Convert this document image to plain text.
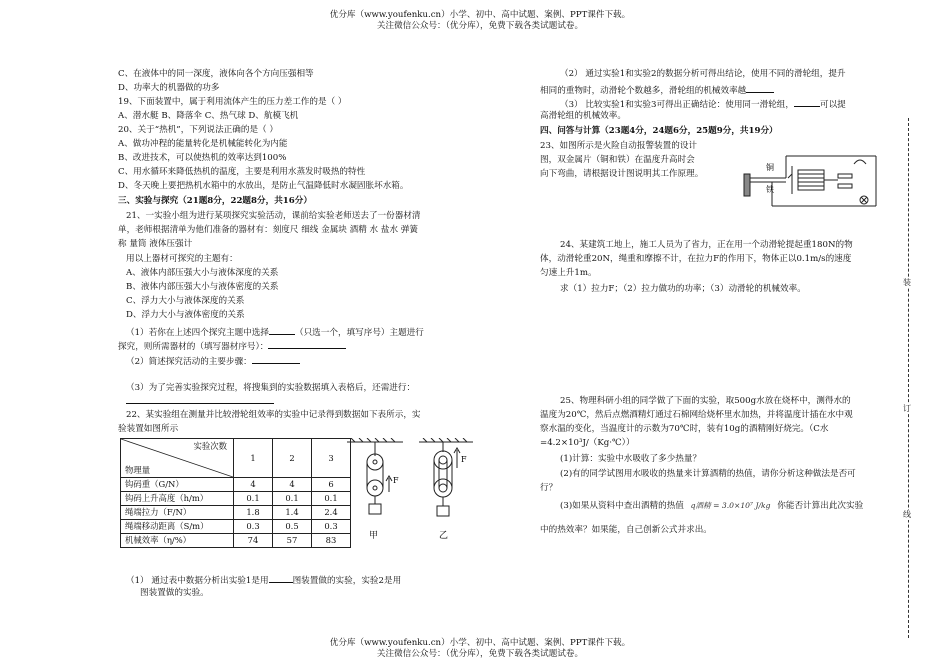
优分库（www.youfenku.cn）小学、初中、高中试题、案例、PPT课件下载。
关注微信公众号：（优分库），免费下载各类试题试卷。
C、在液体中的同一深度，液体向各个方向压强相等
D、功率大的机器做的功多
19、下面装置中，属于利用流体产生的压力差工作的是（ ）
A、潜水艇 B、降落伞 C、热气球 D、航模飞机
20、关于“热机”，下列说法正确的是（ ）
A、做功冲程的能量转化是机械能转化为内能
B、改进技术，可以使热机的效率达到100%
C、用水循环来降低热机的温度，主要是利用水蒸发时吸热的特性
D、冬天晚上要把热机水箱中的水放出，是防止气温降低时水凝固胀坏水箱。
三、实验与探究（21题8分，22题8分，共16分）
21、一实验小组为进行某项探究实验活动，课前给实验老师送去了一份器材清
单，老师根据清单为他们准备的器材有：刻度尺 细线 金属块 酒精 水 盐水 弹簧
称 量筒 液体压强计
用以上器材可探究的主题有：
A、液体内部压强大小与液体深度的关系
B、液体内部压强大小与液体密度的关系
C、浮力大小与液体深度的关系
D、浮力大小与液体密度的关系
（1）若你在上述四个探究主题中选择	（只选一个，填写序号）主题进行
探究，则所需器材的（填写器材序号）：
（2）简述探究活动的主要步骤：
（3）为了完善实验探究过程，将搜集到的实验数据填入表格后，还需进行：
22、某实验组在测量并比较滑轮组效率的实验中记录得到数据如下表所示，实
验装置如图所示
实验次数
物理量	1	2	3
钩码重（G/N）	4	4	6
钩码上升高度（h/m）	0.1	0.1	0.1
绳端拉力（F/N）	1.8	1.4	2.4
绳端移动距离（S/m）	0.3	0.5	0.3
机械效率（η/%）	74	57	83
F
F
甲	乙
（1） 通过表中数据分析出实验1是用	图装置做的实验，实验2是用
图装置做的实验。
（2） 通过实验1和实验2的数据分析可得出结论，使用不同的滑轮组，提升
相同的重物时，动滑轮个数越多，滑轮组的机械效率越
（3） 比较实验1和实验3可得出正确结论：使用同一滑轮组，	可以提
高滑轮组的机械效率。
四、问答与计算（23题4分，24题6分，25题9分，共19分）
23、如图所示是火险自动报警装置的设计
图，双金属片（铜和铁）在温度升高时会
向下弯曲，请根据设计图说明其工作原理。
铜
铁
24、某建筑工地上，施工人员为了省力，正在用一个动滑轮提起重180N的物
体，动滑轮重20N，绳重和摩擦不计，在拉力F的作用下，物体正以0.1m/s的速度
匀速上升1m。
求（1）拉力F；（2）拉力做功的功率；（3）动滑轮的机械效率。
25、物理科研小组的同学做了下面的实验，取500g水放在烧杯中，测得水的
温度为20℃，然后点燃酒精灯通过石棉网给烧杯里水加热，并将温度计插在水中观
察水温的变化，当温度计的示数为70℃时，装有10g的酒精刚好烧完。（C水
=4.2×10³J/（Kg·℃））
(1)计算：实验中水吸收了多少热量？
(2)有的同学试图用水吸收的热量来计算酒精的热值，请你分析这种做法是否可
行？
(3)如果从资料中查出酒精的热值 q酒精 = 3.0×10⁷ J/kg 你能否计算出此次实验
中的热效率？如果能，自己创新公式并求出。
装
订
线
优分库（www.youfenku.cn）小学、初中、高中试题、案例、PPT课件下载。
关注微信公众号：（优分库），免费下载各类试题试卷。
